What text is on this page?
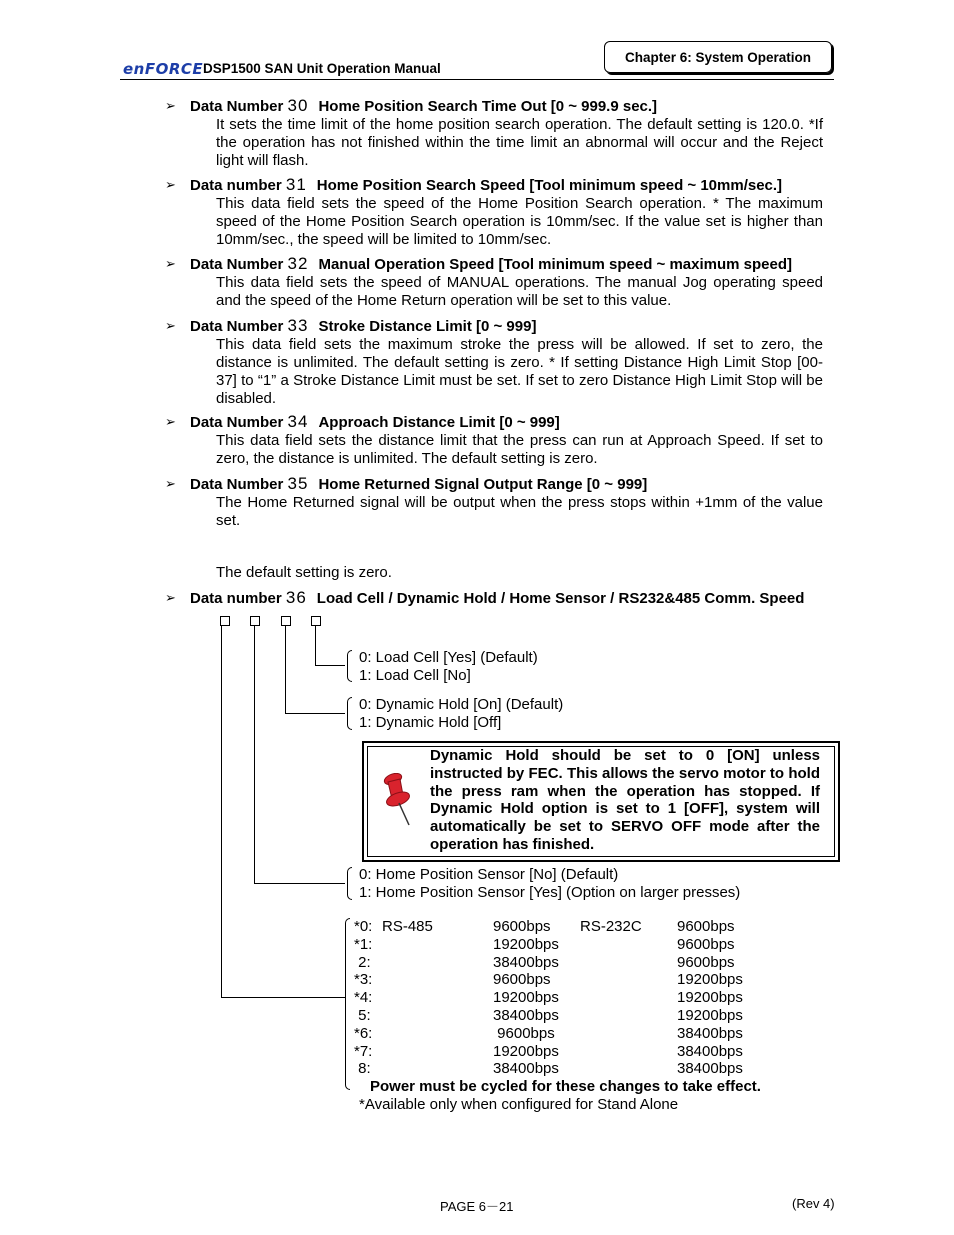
enFORCE DSP1500 SAN Unit Operation Manual
Chapter 6: System Operation
➢ Data Number 30 Home Position Search Time Out [0 ~ 999.9 sec.]
It sets the time limit of the home position search operation. The default setting is 120.0. *If the operation has not finished within the time limit an abnormal will occur and the Reject light will flash.
➢ Data number 31 Home Position Search Speed [Tool minimum speed ~ 10mm/sec.]
This data field sets the speed of the Home Position Search operation. * The maximum speed of the Home Position Search operation is 10mm/sec. If the value set is higher than 10mm/sec., the speed will be limited to 10mm/sec.
➢ Data Number 32 Manual Operation Speed [Tool minimum speed ~ maximum speed]
This data field sets the speed of MANUAL operations. The manual Jog operating speed and the speed of the Home Return operation will be set to this value.
➢ Data Number 33 Stroke Distance Limit [0 ~ 999]
This data field sets the maximum stroke the press will be allowed. If set to zero, the distance is unlimited. The default setting is zero. * If setting Distance High Limit Stop [00-37] to “1” a Stroke Distance Limit must be set. If set to zero Distance High Limit Stop will be disabled.
➢ Data Number 34 Approach Distance Limit [0 ~ 999]
This data field sets the distance limit that the press can run at Approach Speed. If set to zero, the distance is unlimited. The default setting is zero.
➢ Data Number 35 Home Returned Signal Output Range [0 ~ 999]
The Home Returned signal will be output when the press stops within +1mm of the value set.
The default setting is zero.
➢ Data number 36 Load Cell / Dynamic Hold / Home Sensor / RS232&485 Comm. Speed
0: Load Cell [Yes] (Default)
1: Load Cell [No]
0: Dynamic Hold [On] (Default)
1: Dynamic Hold [Off]
Dynamic Hold should be set to 0 [ON] unless instructed by FEC. This allows the servo motor to hold the press ram when the operation has stopped. If Dynamic Hold option is set to 1 [OFF], system will automatically be set to SERVO OFF mode after the operation has finished.
0: Home Position Sensor [No] (Default)
1: Home Position Sensor [Yes] (Option on larger presses)
*0:	RS-485	9600bps	RS-232C	9600bps
*1:		19200bps		9600bps
2:		38400bps		9600bps
*3:		9600bps		19200bps
*4:		19200bps		19200bps
5:		38400bps		19200bps
*6:		9600bps		38400bps
*7:		19200bps		38400bps
8:		38400bps		38400bps
Power must be cycled for these changes to take effect.
*Available only when configured for Stand Alone
PAGE 6－21	(Rev 4)
